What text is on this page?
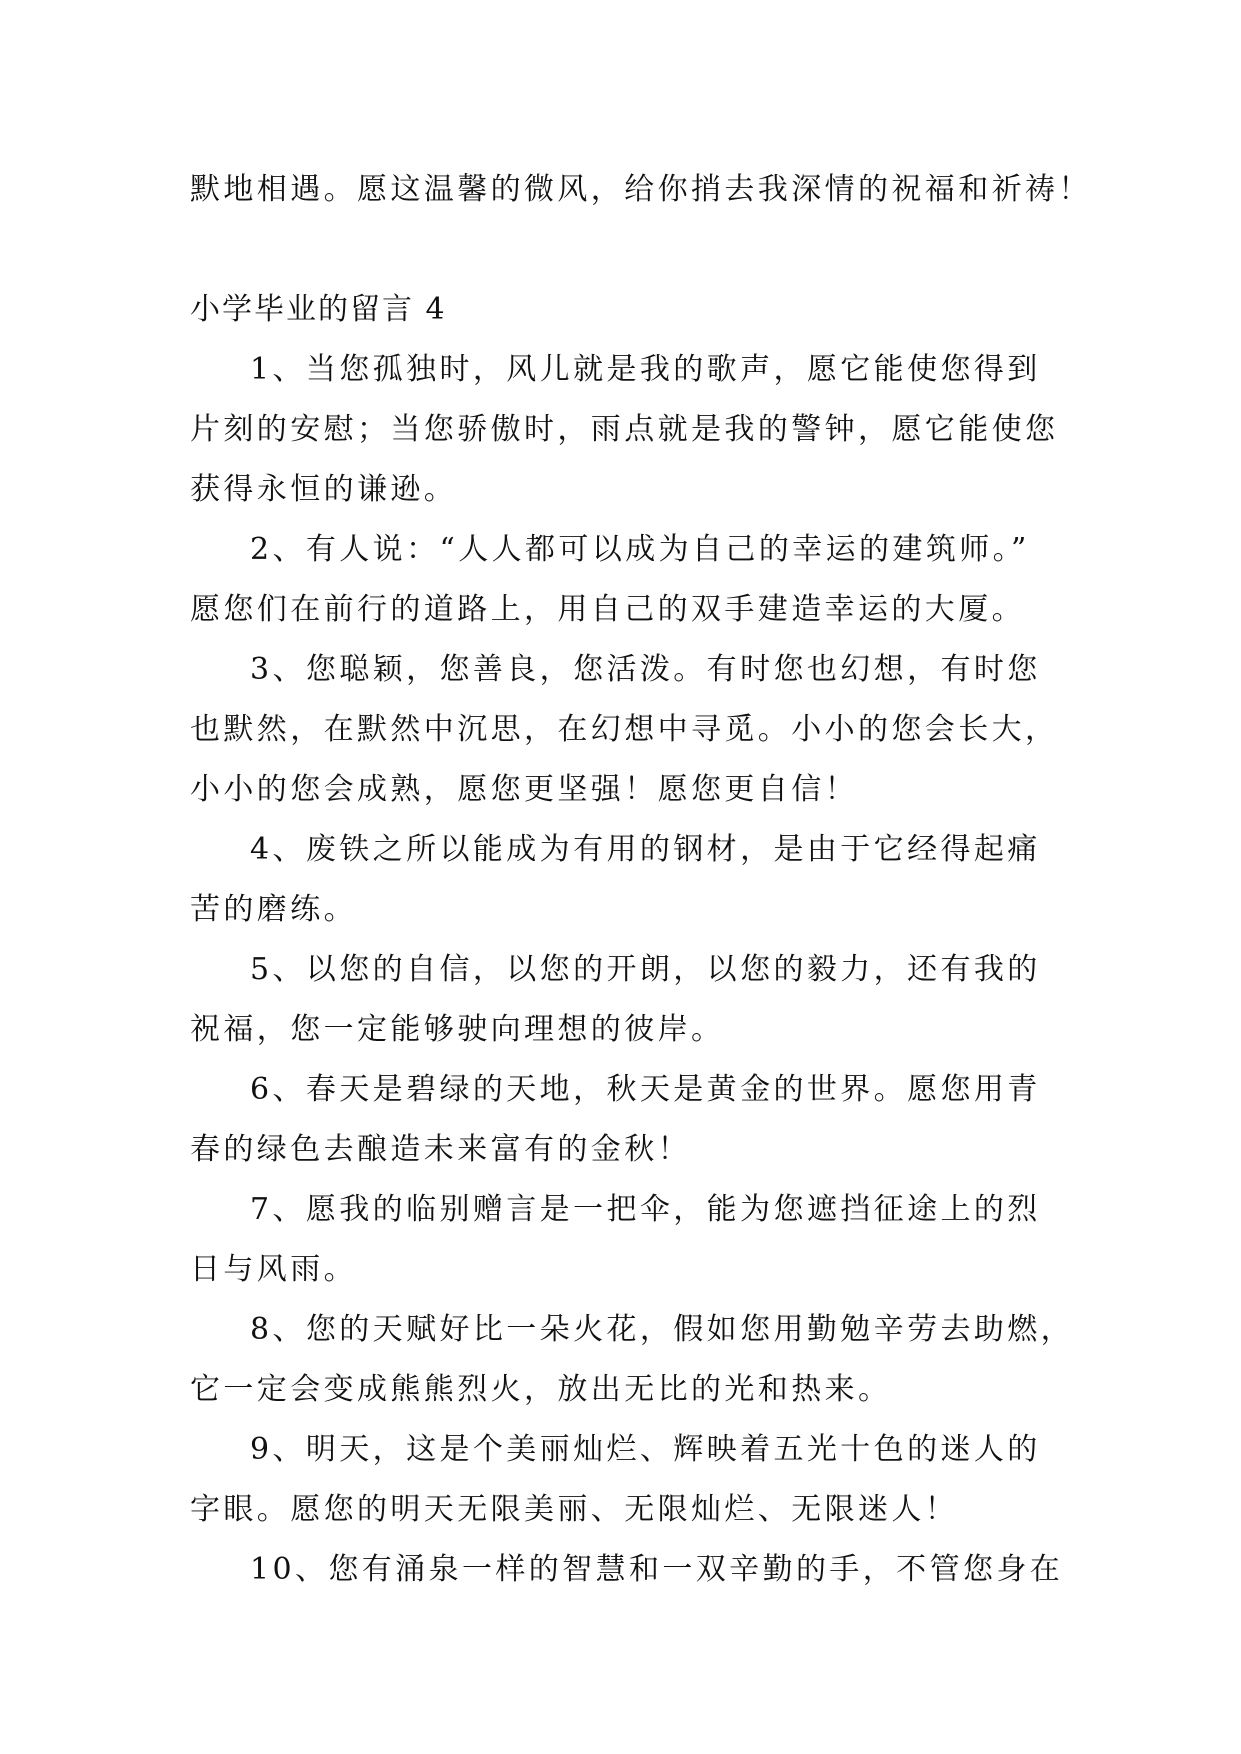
默地相遇。愿这温馨的微风，给你捎去我深情的祝福和祈祷！
小学毕业的留言 4
1、当您孤独时，风儿就是我的歌声，愿它能使您得到
片刻的安慰；当您骄傲时，雨点就是我的警钟，愿它能使您
获得永恒的谦逊。
2、有人说：“人人都可以成为自己的幸运的建筑师。”
愿您们在前行的道路上，用自己的双手建造幸运的大厦。
3、您聪颖，您善良，您活泼。有时您也幻想，有时您
也默然，在默然中沉思，在幻想中寻觅。小小的您会长大，
小小的您会成熟，愿您更坚强！愿您更自信！
4、废铁之所以能成为有用的钢材，是由于它经得起痛
苦的磨练。
5、以您的自信，以您的开朗，以您的毅力，还有我的
祝福，您一定能够驶向理想的彼岸。
6、春天是碧绿的天地，秋天是黄金的世界。愿您用青
春的绿色去酿造未来富有的金秋！
7、愿我的临别赠言是一把伞，能为您遮挡征途上的烈
日与风雨。
8、您的天赋好比一朵火花，假如您用勤勉辛劳去助燃，
它一定会变成熊熊烈火，放出无比的光和热来。
9、明天，这是个美丽灿烂、辉映着五光十色的迷人的
字眼。愿您的明天无限美丽、无限灿烂、无限迷人！
10、您有涌泉一样的智慧和一双辛勤的手，不管您身在
